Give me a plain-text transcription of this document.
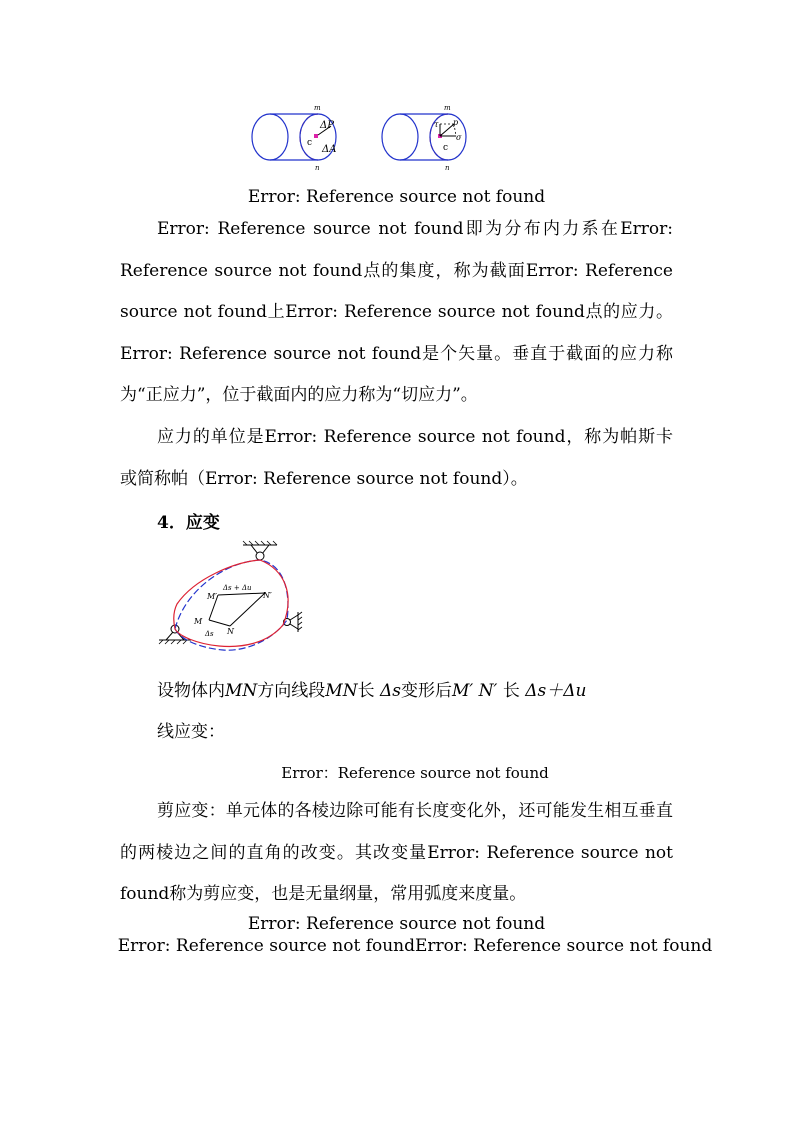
m
n
c
ΔP
ΔA
m
n
c
τ p
σ
Error: Reference source not found
Error: Reference source not found即为分布内力系在Error: Reference source not found点的集度，称为截面Error: Reference source not found上Error: Reference source not found点的应力。Error: Reference source not found是个矢量。垂直于截面的应力称为“正应力”，位于截面内的应力称为“切应力”。
应力的单位是Error: Reference source not found，称为帕斯卡或简称帕（Error: Reference source not found）。
4．应变
Δs + Δu
M′	N′
M
N
Δs
设物体内MN方向线段MN长 Δs变形后M′ N′ 长 Δs＋Δu
线应变：
Error：Reference source not found
剪应变：单元体的各棱边除可能有长度变化外，还可能发生相互垂直的两棱边之间的直角的改变。其改变量Error: Reference source not found称为剪应变，也是无量纲量，常用弧度来度量。
Error: Reference source not found
Error: Reference source not foundError: Reference source not found
